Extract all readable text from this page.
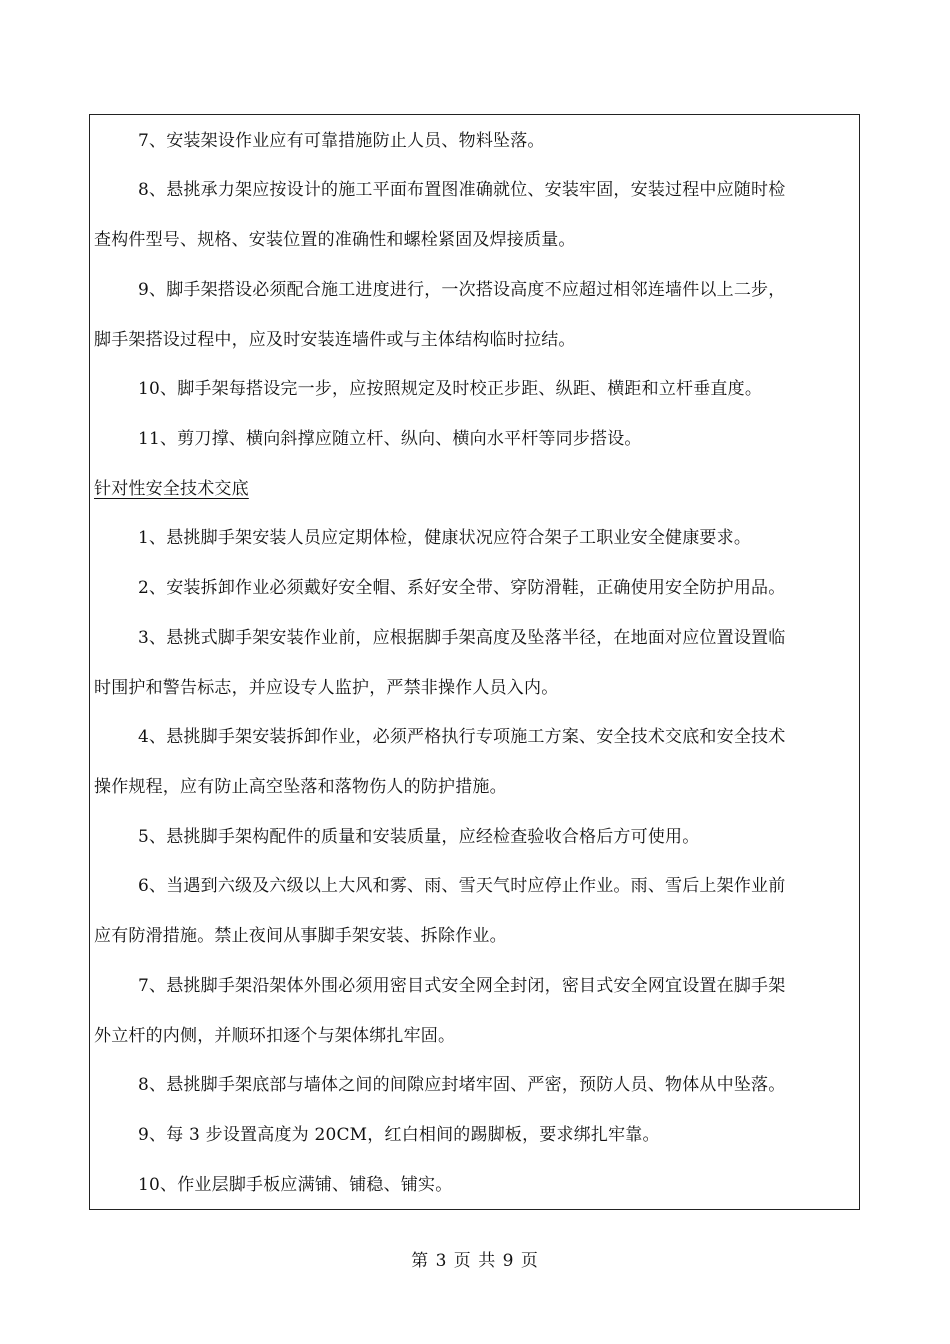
7、安装架设作业应有可靠措施防止人员、物料坠落。
8、悬挑承力架应按设计的施工平面布置图准确就位、安装牢固，安装过程中应随时检
查构件型号、规格、安装位置的准确性和螺栓紧固及焊接质量。
9、脚手架搭设必须配合施工进度进行，一次搭设高度不应超过相邻连墙件以上二步，
脚手架搭设过程中，应及时安装连墙件或与主体结构临时拉结。
10、脚手架每搭设完一步，应按照规定及时校正步距、纵距、横距和立杆垂直度。
11、剪刀撑、横向斜撑应随立杆、纵向、横向水平杆等同步搭设。
针对性安全技术交底
1、悬挑脚手架安装人员应定期体检，健康状况应符合架子工职业安全健康要求。
2、安装拆卸作业必须戴好安全帽、系好安全带、穿防滑鞋，正确使用安全防护用品。
3、悬挑式脚手架安装作业前，应根据脚手架高度及坠落半径，在地面对应位置设置临
时围护和警告标志，并应设专人监护，严禁非操作人员入内。
4、悬挑脚手架安装拆卸作业，必须严格执行专项施工方案、安全技术交底和安全技术
操作规程，应有防止高空坠落和落物伤人的防护措施。
5、悬挑脚手架构配件的质量和安装质量，应经检查验收合格后方可使用。
6、当遇到六级及六级以上大风和雾、雨、雪天气时应停止作业。雨、雪后上架作业前
应有防滑措施。禁止夜间从事脚手架安装、拆除作业。
7、悬挑脚手架沿架体外围必须用密目式安全网全封闭，密目式安全网宜设置在脚手架
外立杆的内侧，并顺环扣逐个与架体绑扎牢固。
8、悬挑脚手架底部与墙体之间的间隙应封堵牢固、严密，预防人员、物体从中坠落。
9、每 3 步设置高度为 20CM，红白相间的踢脚板，要求绑扎牢靠。
10、作业层脚手板应满铺、铺稳、铺实。
第 3 页 共 9 页
